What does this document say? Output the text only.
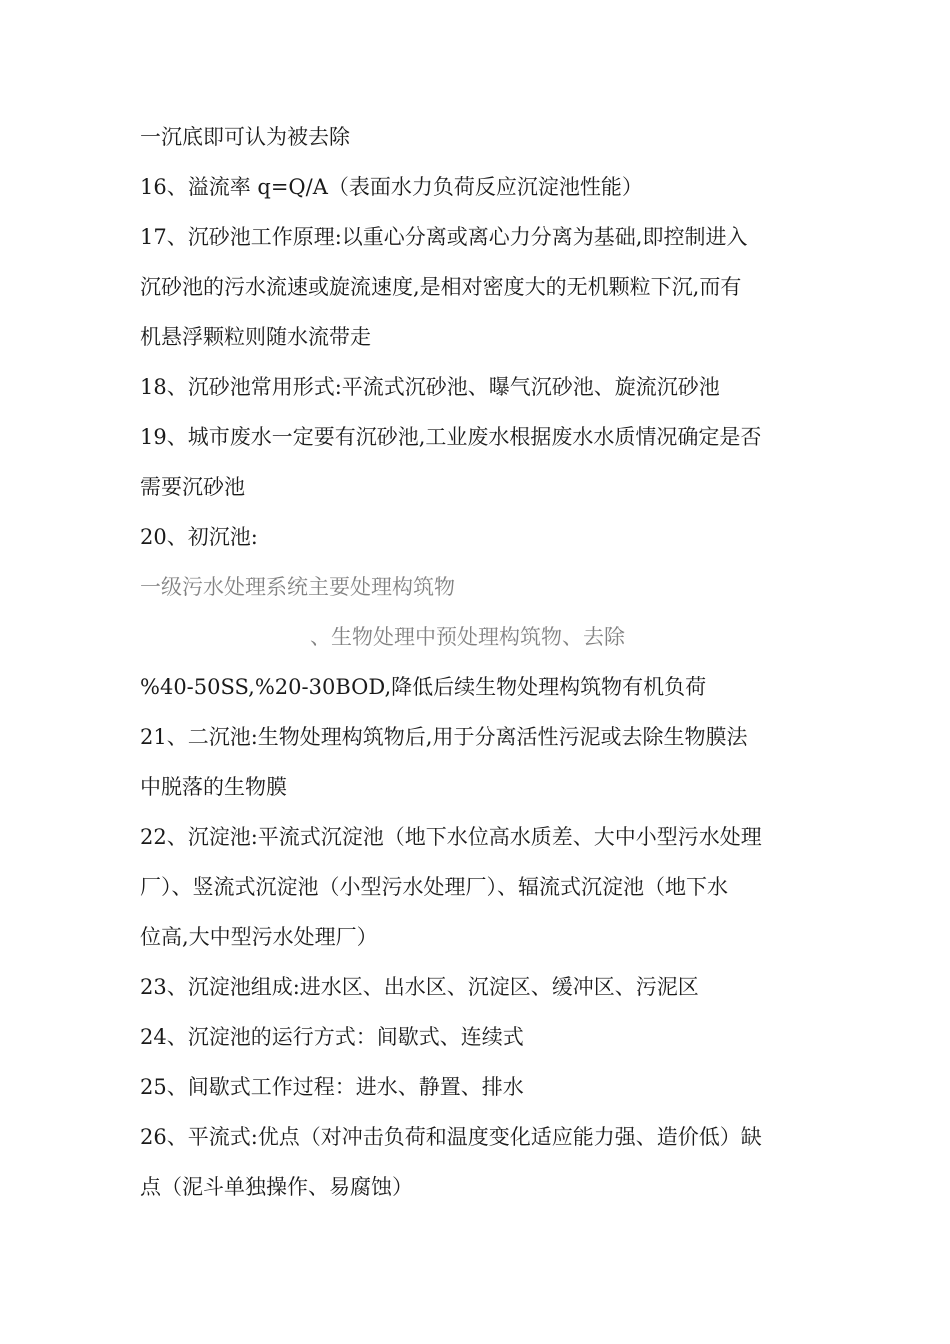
一沉底即可认为被去除
16、溢流率 q=Q/A（表面水力负荷反应沉淀池性能）
17、沉砂池工作原理:以重心分离或离心力分离为基础,即控制进入
沉砂池的污水流速或旋流速度,是相对密度大的无机颗粒下沉,而有
机悬浮颗粒则随水流带走
18、沉砂池常用形式:平流式沉砂池、曝气沉砂池、旋流沉砂池
19、城市废水一定要有沉砂池,工业废水根据废水水质情况确定是否
需要沉砂池
20、初沉池:
一级污水处理系统主要处理构筑物
、生物处理中预处理构筑物、去除
%40-50SS,%20-30BOD,降低后续生物处理构筑物有机负荷
21、二沉池:生物处理构筑物后,用于分离活性污泥或去除生物膜法
中脱落的生物膜
22、沉淀池:平流式沉淀池（地下水位高水质差、大中小型污水处理
厂）、竖流式沉淀池（小型污水处理厂）、辐流式沉淀池（地下水
位高,大中型污水处理厂）
23、沉淀池组成:进水区、出水区、沉淀区、缓冲区、污泥区
24、沉淀池的运行方式：间歇式、连续式
25、间歇式工作过程：进水、静置、排水
26、平流式:优点（对冲击负荷和温度变化适应能力强、造价低）缺
点（泥斗单独操作、易腐蚀）
